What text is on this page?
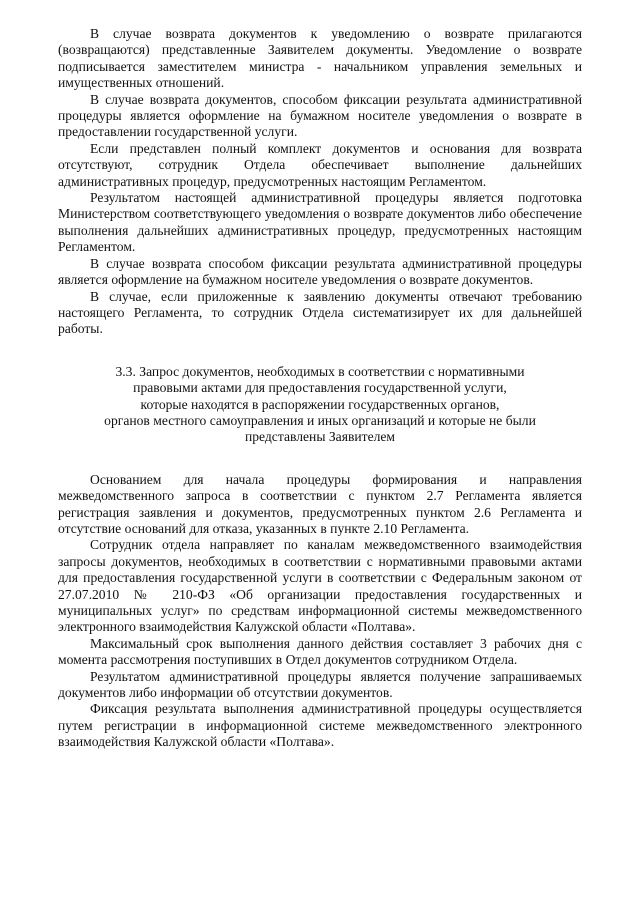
В случае возврата документов к уведомлению о возврате прилагаются (возвращаются) представленные Заявителем документы. Уведомление о возврате подписывается заместителем министра - начальником управления земельных и имущественных отношений.

В случае возврата документов, способом фиксации результата административной процедуры является оформление на бумажном носителе уведомления о возврате в предоставлении государственной услуги.

Если представлен полный комплект документов и основания для возврата отсутствуют, сотрудник Отдела обеспечивает выполнение дальнейших административных процедур, предусмотренных настоящим Регламентом.

Результатом настоящей административной процедуры является подготовка Министерством соответствующего уведомления о возврате документов либо обеспечение выполнения дальнейших административных процедур, предусмотренных настоящим Регламентом.

В случае возврата способом фиксации результата административной процедуры является оформление на бумажном носителе уведомления о возврате документов.

В случае, если приложенные к заявлению документы отвечают требованию настоящего Регламента, то сотрудник Отдела систематизирует их для дальнейшей работы.

3.3. Запрос документов, необходимых в соответствии с нормативными
правовыми актами для предоставления государственной услуги,
которые находятся в распоряжении государственных органов,
органов местного самоуправления и иных организаций и которые не были
представлены Заявителем

Основанием для начала процедуры формирования и направления межведомственного запроса в соответствии с пунктом 2.7 Регламента является регистрация заявления и документов, предусмотренных пунктом 2.6 Регламента и отсутствие оснований для отказа, указанных в пункте 2.10 Регламента.

Сотрудник отдела направляет по каналам межведомственного взаимодействия запросы документов, необходимых в соответствии с нормативными правовыми актами для предоставления государственной услуги в соответствии с Федеральным законом от 27.07.2010 № 210-ФЗ «Об организации предоставления государственных и муниципальных услуг» по средствам информационной системы межведомственного электронного взаимодействия Калужской области «Полтава».

Максимальный срок выполнения данного действия составляет 3 рабочих дня с момента рассмотрения поступивших в Отдел документов сотрудником Отдела.

Результатом административной процедуры является получение запрашиваемых документов либо информации об отсутствии документов.

Фиксация результата выполнения административной процедуры осуществляется путем регистрации в информационной системе межведомственного электронного взаимодействия Калужской области «Полтава».
